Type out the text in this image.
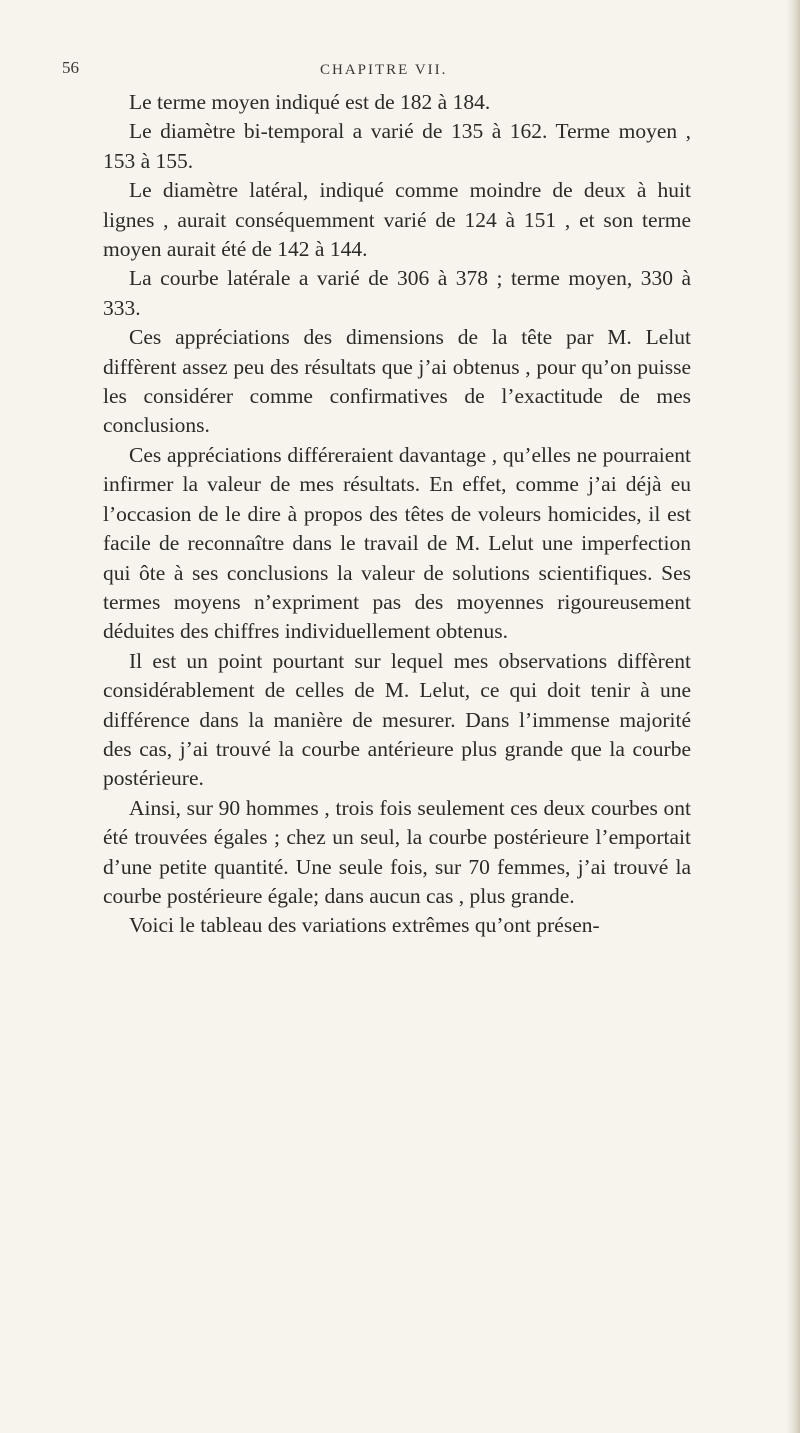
56	CHAPITRE VII.

Le terme moyen indiqué est de 182 à 184.

Le diamètre bi-temporal a varié de 135 à 162. Terme moyen , 153 à 155.

Le diamètre latéral, indiqué comme moindre de deux à huit lignes , aurait conséquemment varié de 124 à 151 , et son terme moyen aurait été de 142 à 144.

La courbe latérale a varié de 306 à 378 ; terme moyen, 330 à 333.

Ces appréciations des dimensions de la tête par M. Lelut diffèrent assez peu des résultats que j’ai obtenus , pour qu’on puisse les considérer comme confirmatives de l’exactitude de mes conclusions.

Ces appréciations différeraient davantage , qu’elles ne pourraient infirmer la valeur de mes résultats. En effet, comme j’ai déjà eu l’occasion de le dire à propos des têtes de voleurs homicides, il est facile de reconnaître dans le travail de M. Lelut une imperfection qui ôte à ses conclusions la valeur de solutions scientifiques. Ses termes moyens n’expriment pas des moyennes rigoureusement déduites des chiffres individuellement obtenus.

Il est un point pourtant sur lequel mes observations diffèrent considérablement de celles de M. Lelut, ce qui doit tenir à une différence dans la manière de mesurer. Dans l’immense majorité des cas, j’ai trouvé la courbe antérieure plus grande que la courbe postérieure.

Ainsi, sur 90 hommes , trois fois seulement ces deux courbes ont été trouvées égales ; chez un seul, la courbe postérieure l’emportait d’une petite quantité. Une seule fois, sur 70 femmes, j’ai trouvé la courbe postérieure égale; dans aucun cas , plus grande.

Voici le tableau des variations extrêmes qu’ont présen-
